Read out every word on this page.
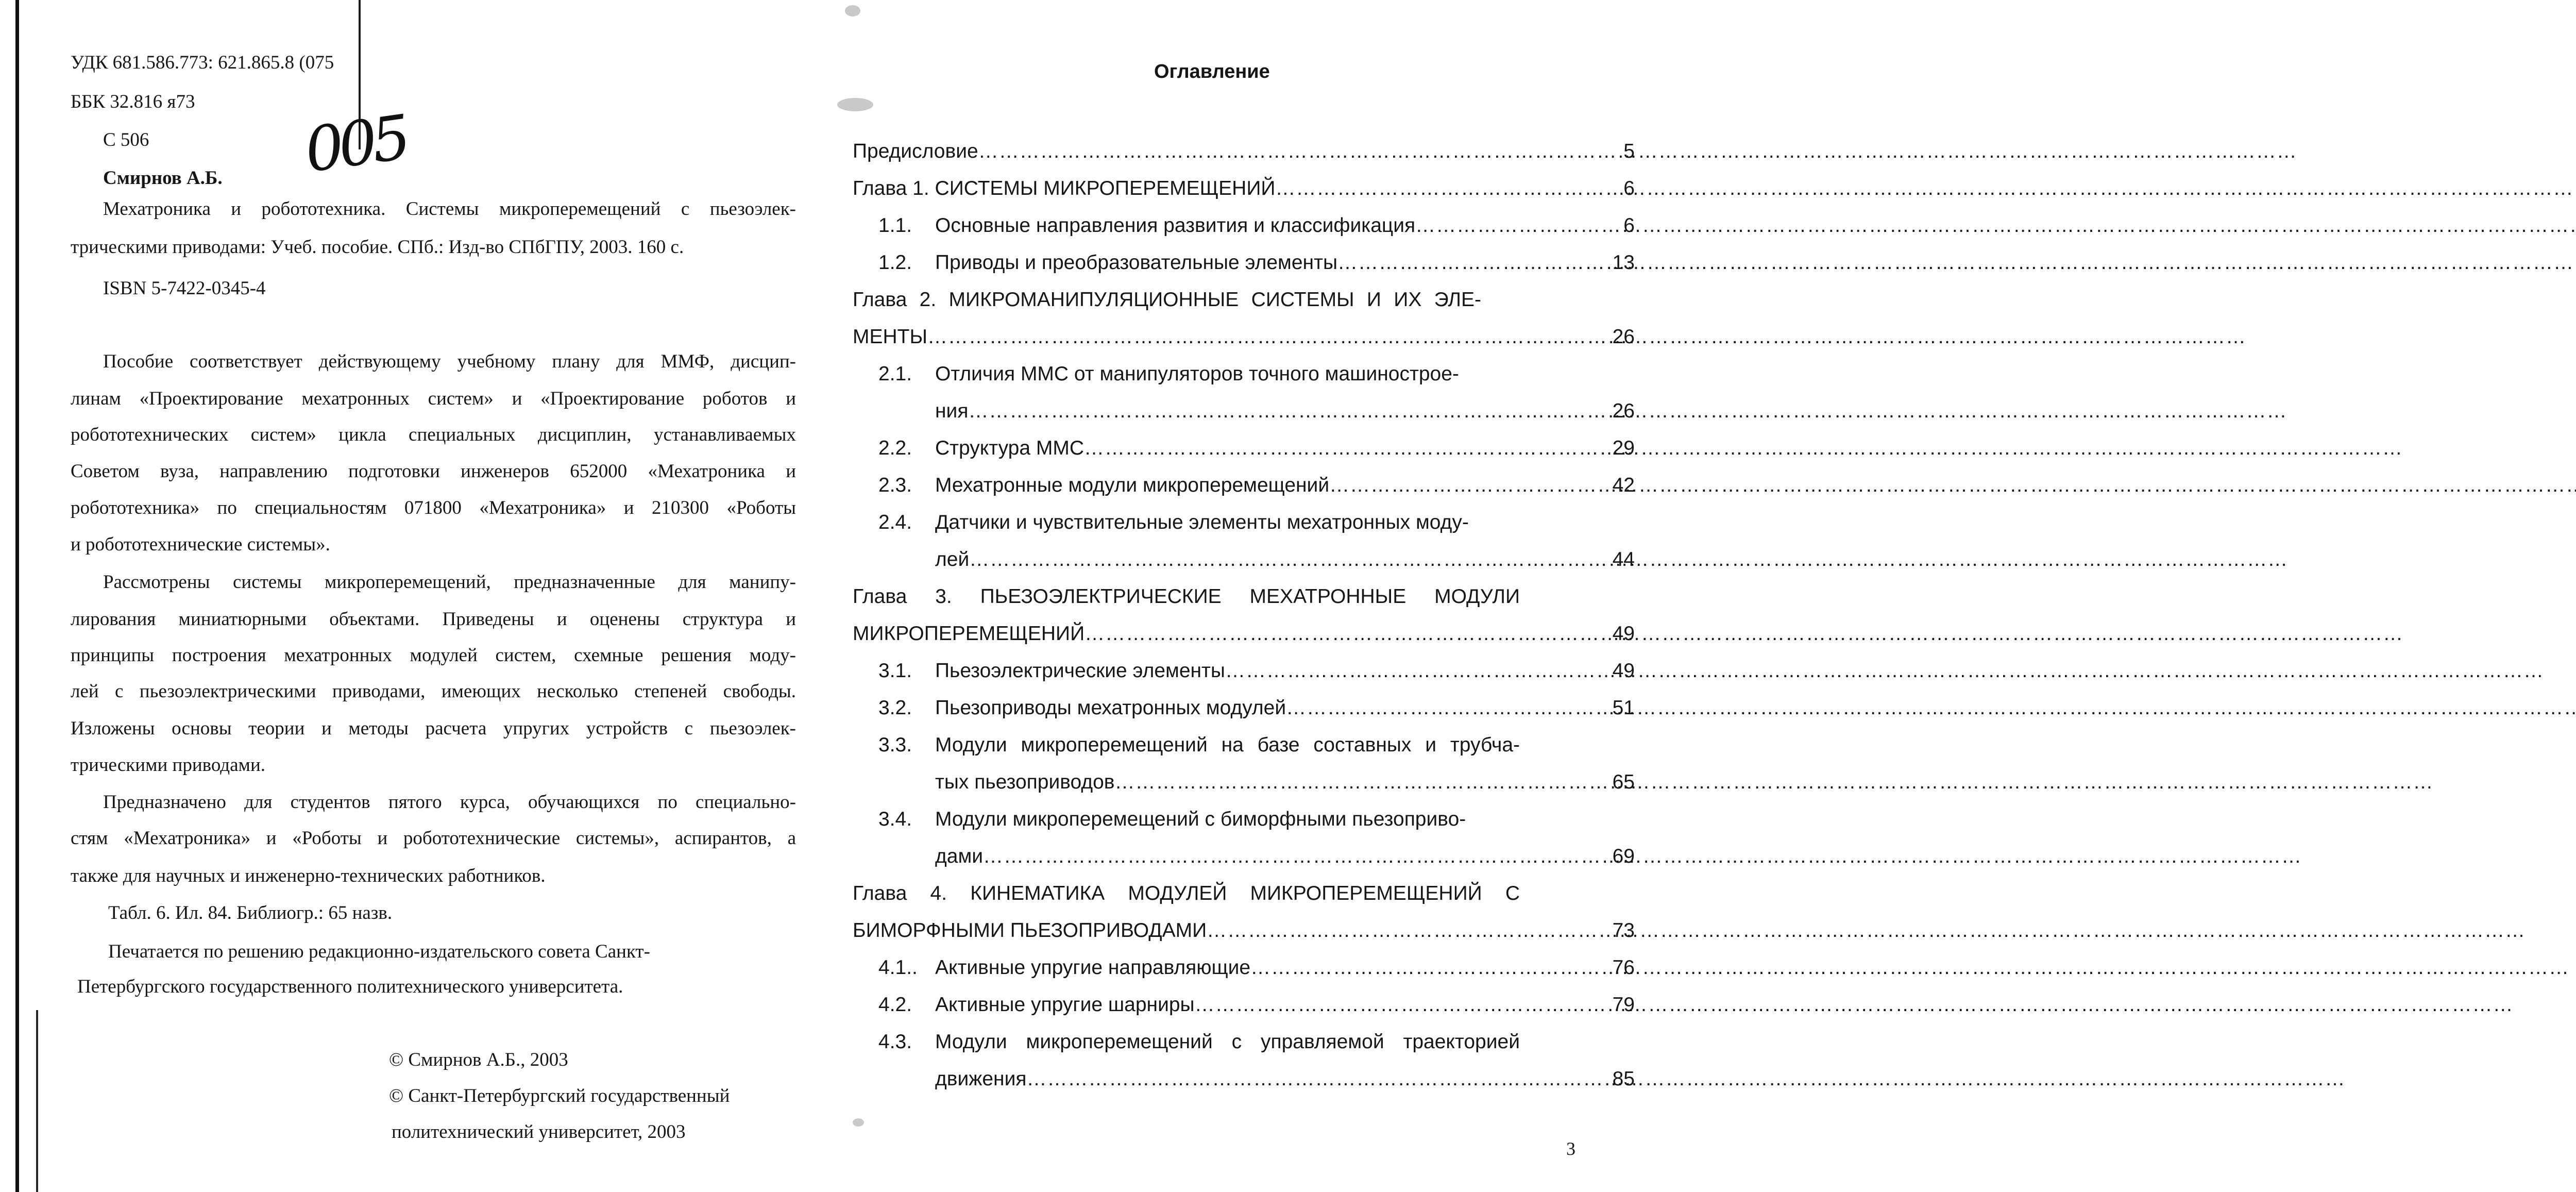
УДК 681.586.773: 621.865.8 (075
ББК 32.816 я73
С 506 005
Смирнов А.Б.
Мехатроника и робототехника. Системы микроперемещений с пьезоэлек-
трическими приводами: Учеб. пособие. СПб.: Изд-во СПбГПУ, 2003. 160 с.
ISBN 5-7422-0345-4
Пособие соответствует действующему учебному плану для ММФ, дисцип-
линам «Проектирование мехатронных систем» и «Проектирование роботов и
робототехнических систем» цикла специальных дисциплин, устанавливаемых
Советом вуза, направлению подготовки инженеров 652000 «Мехатроника и
робототехника» по специальностям 071800 «Мехатроника» и 210300 «Роботы
и робототехнические системы».
Рассмотрены системы микроперемещений, предназначенные для манипу-
лирования миниатюрными объектами. Приведены и оценены структура и
принципы построения мехатронных модулей систем, схемные решения моду-
лей с пьезоэлектрическими приводами, имеющих несколько степеней свободы.
Изложены основы теории и методы расчета упругих устройств с пьезоэлек-
трическими приводами.
Предназначено для студентов пятого курса, обучающихся по специально-
стям «Мехатроника» и «Роботы и робототехнические системы», аспирантов, а
также для научных и инженерно-технических работников.
Табл. 6. Ил. 84. Библиогр.: 65 назв.
Печатается по решению редакционно-издательского совета Санкт-
Петербургского государственного политехнического университета.
© Смирнов А.Б., 2003
© Санкт-Петербургский государственный
политехнический университет, 2003
Оглавление
Предисловие …………………………………………………………………………………………………………………………………………………………………………	5
Глава 1. СИСТЕМЫ МИКРОПЕРЕМЕЩЕНИЙ …………………………………………………………………………………………………………………………………………………………………………	6
1.1. Основные направления развития и классификация …………………………………………………………………………………………………………………………………………………………………………	6
1.2. Приводы и преобразовательные элементы …………………………………………………………………………………………………………………………………………………………………………	13
Глава 2. МИКРОМАНИПУЛЯЦИОННЫЕ СИСТЕМЫ И ИХ ЭЛЕ-
МЕНТЫ …………………………………………………………………………………………………………………………………………………………………………	26
2.1. Отличия ММС от манипуляторов точного машинострое-
ния …………………………………………………………………………………………………………………………………………………………………………	26
2.2. Структура ММС …………………………………………………………………………………………………………………………………………………………………………	29
2.3. Мехатронные модули микроперемещений …………………………………………………………………………………………………………………………………………………………………………	42
2.4. Датчики и чувствительные элементы мехатронных моду-
лей …………………………………………………………………………………………………………………………………………………………………………	44
Глава 3. ПЬЕЗОЭЛЕКТРИЧЕСКИЕ МЕХАТРОННЫЕ МОДУЛИ
МИКРОПЕРЕМЕЩЕНИЙ …………………………………………………………………………………………………………………………………………………………………………	49
3.1. Пьезоэлектрические элементы …………………………………………………………………………………………………………………………………………………………………………	49
3.2. Пьезоприводы мехатронных модулей …………………………………………………………………………………………………………………………………………………………………………	51
3.3. Модули микроперемещений на базе составных и трубча-
тых пьезоприводов …………………………………………………………………………………………………………………………………………………………………………	65
3.4. Модули микроперемещений с биморфными пьезоприво-
дами …………………………………………………………………………………………………………………………………………………………………………	69
Глава 4. КИНЕМАТИКА МОДУЛЕЙ МИКРОПЕРЕМЕЩЕНИЙ С
БИМОРФНЫМИ ПЬЕЗОПРИВОДАМИ …………………………………………………………………………………………………………………………………………………………………………	73
4.1.. Активные упругие направляющие …………………………………………………………………………………………………………………………………………………………………………	76
4.2. Активные упругие шарниры …………………………………………………………………………………………………………………………………………………………………………	79
4.3. Модули микроперемещений с управляемой траекторией
движения …………………………………………………………………………………………………………………………………………………………………………	85
3
